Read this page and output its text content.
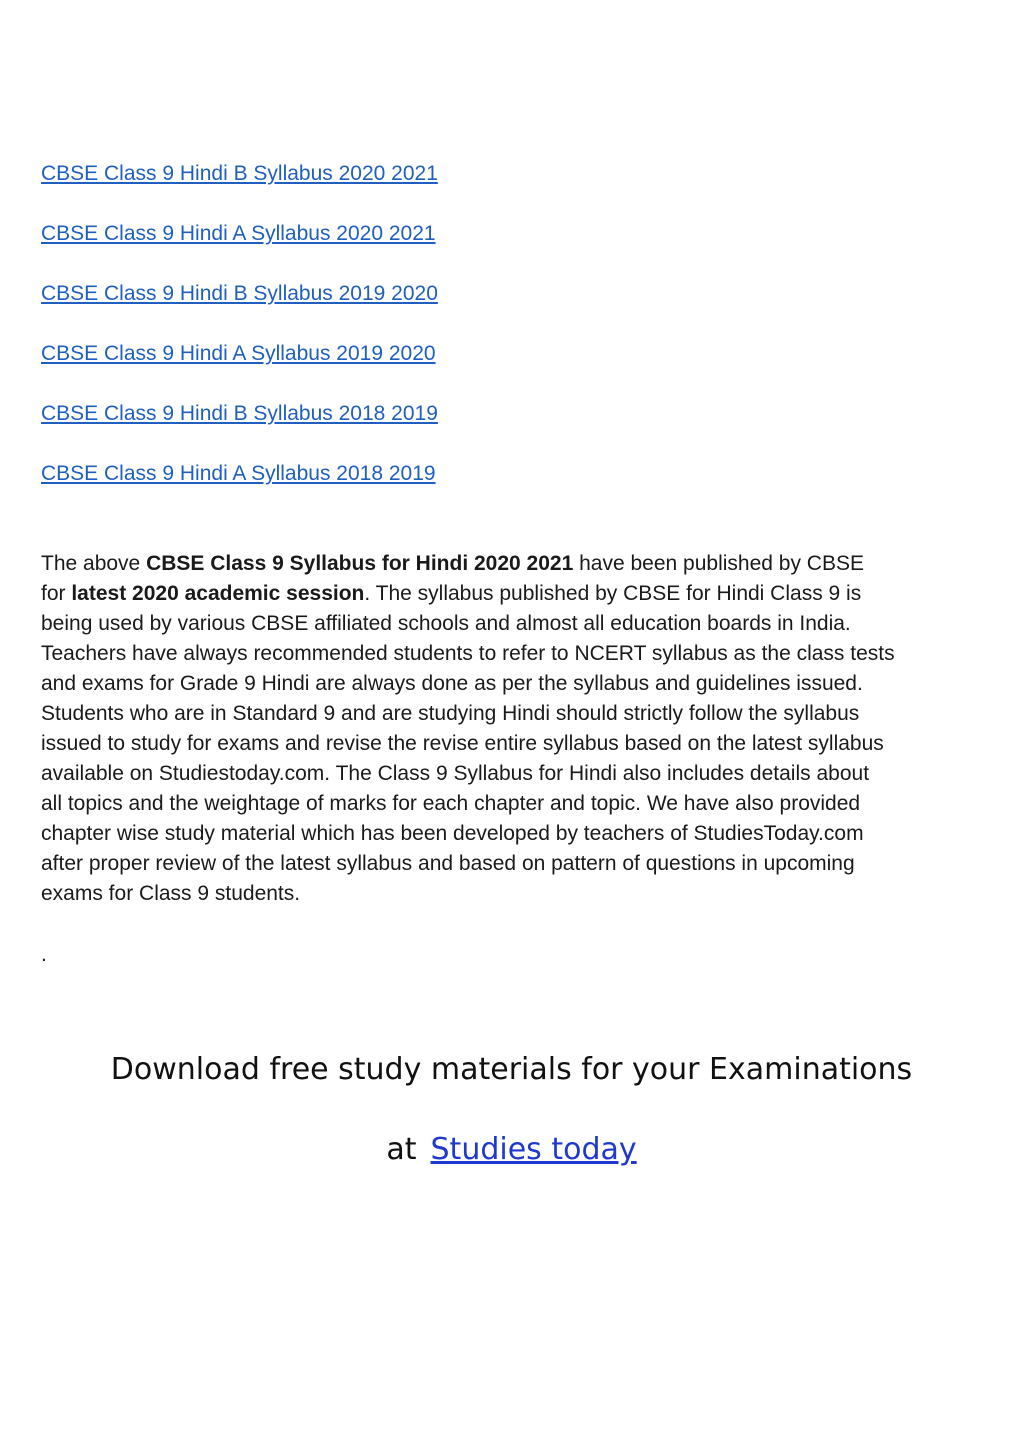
CBSE Class 9 Hindi B Syllabus 2020 2021
CBSE Class 9 Hindi A Syllabus 2020 2021
CBSE Class 9 Hindi B Syllabus 2019 2020
CBSE Class 9 Hindi A Syllabus 2019 2020
CBSE Class 9 Hindi B Syllabus 2018 2019
CBSE Class 9 Hindi A Syllabus 2018 2019
The above CBSE Class 9 Syllabus for Hindi 2020 2021 have been published by CBSE
for latest 2020 academic session. The syllabus published by CBSE for Hindi Class 9 is
being used by various CBSE affiliated schools and almost all education boards in India.
Teachers have always recommended students to refer to NCERT syllabus as the class tests
and exams for Grade 9 Hindi are always done as per the syllabus and guidelines issued.
Students who are in Standard 9 and are studying Hindi should strictly follow the syllabus
issued to study for exams and revise the revise entire syllabus based on the latest syllabus
available on Studiestoday.com. The Class 9 Syllabus for Hindi also includes details about
all topics and the weightage of marks for each chapter and topic. We have also provided
chapter wise study material which has been developed by teachers of StudiesToday.com
after proper review of the latest syllabus and based on pattern of questions in upcoming
exams for Class 9 students.
.
Download free study materials for your Examinations
at Studies today
